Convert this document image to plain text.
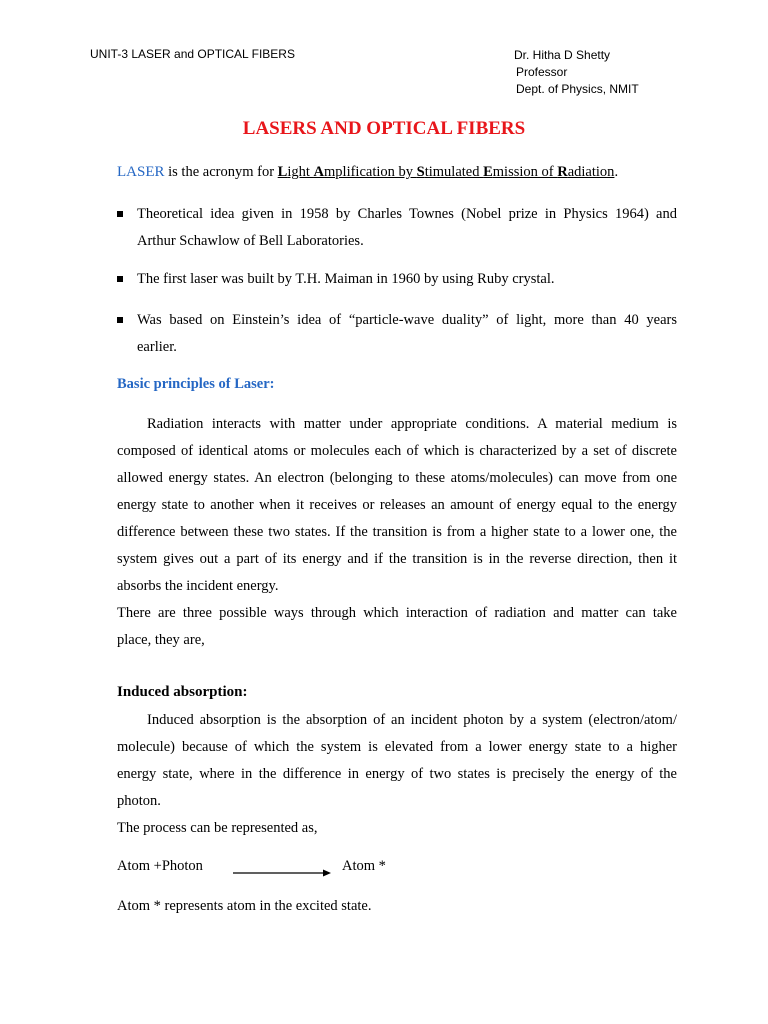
UNIT-3 LASER and OPTICAL FIBERS	Dr. Hitha D Shetty
Professor
Dept. of Physics, NMIT
LASERS AND OPTICAL FIBERS
LASER is the acronym for Light Amplification by Stimulated Emission of Radiation.
Theoretical idea given in 1958 by Charles Townes (Nobel prize in Physics 1964) and
Arthur Schawlow of Bell Laboratories.
The first laser was built by T.H. Maiman in 1960 by using Ruby crystal.
Was based on Einstein’s idea of “particle-wave duality” of light, more than 40 years
earlier.
Basic principles of Laser:
Radiation interacts with matter under appropriate conditions. A material medium is
composed of identical atoms or molecules each of which is characterized by a set of discrete
allowed energy states. An electron (belonging to these atoms/molecules) can move from one
energy state to another when it receives or releases an amount of energy equal to the energy
difference between these two states. If the transition is from a higher state to a lower one, the
system gives out a part of its energy and if the transition is in the reverse direction, then it
absorbs the incident energy.
There are three possible ways through which interaction of radiation and matter can take
place, they are,
Induced absorption:
Induced absorption is the absorption of an incident photon by a system (electron/atom/
molecule) because of which the system is elevated from a lower energy state to a higher
energy state, where in the difference in energy of two states is precisely the energy of the
photon.
The process can be represented as,
Atom +Photon	Atom *
Atom * represents atom in the excited state.
